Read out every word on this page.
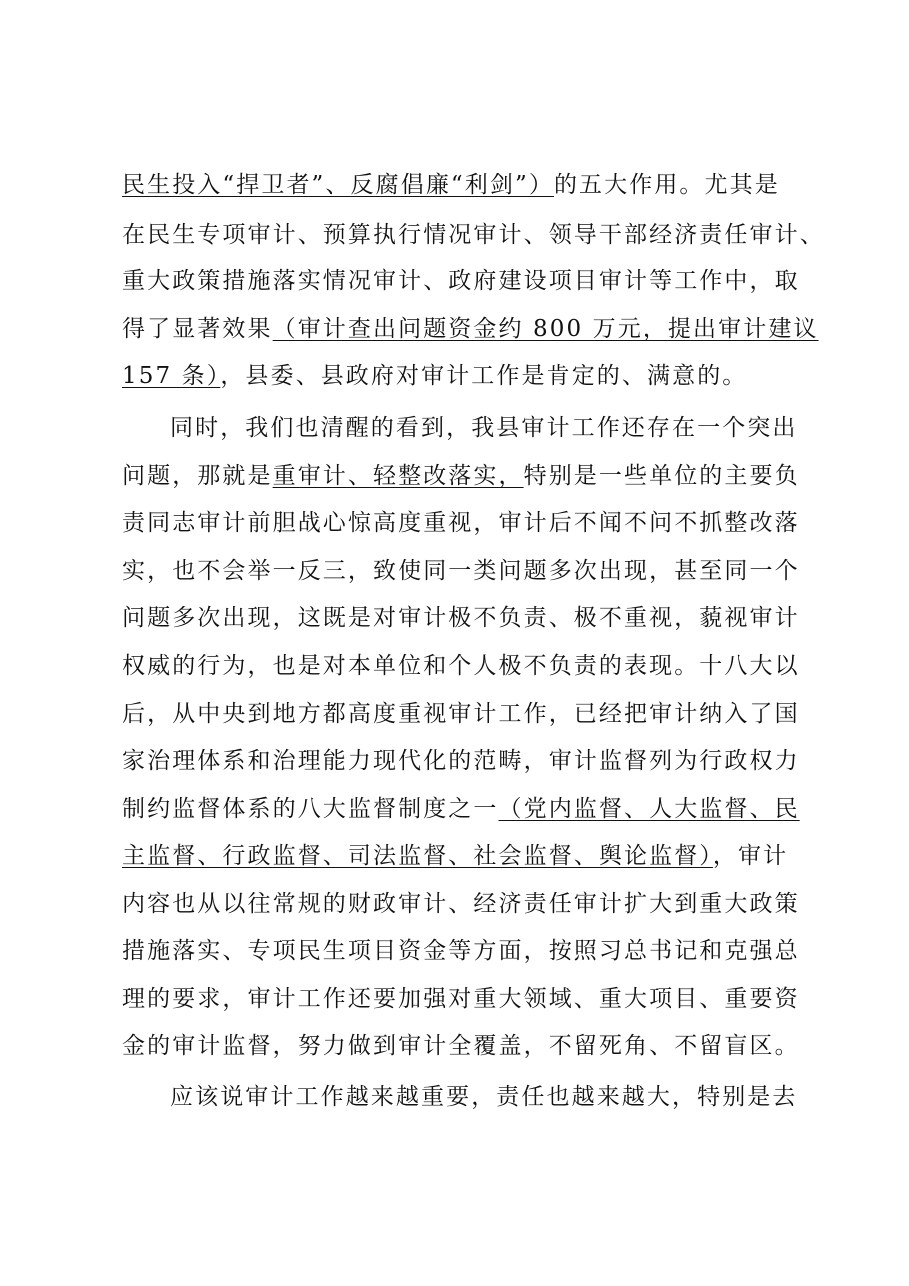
民生投入“捍卫者”、反腐倡廉“利剑”）的五大作用。尤其是
在民生专项审计、预算执行情况审计、领导干部经济责任审计、
重大政策措施落实情况审计、政府建设项目审计等工作中，取
得了显著效果（审计查出问题资金约 800 万元，提出审计建议
157 条），县委、县政府对审计工作是肯定的、满意的。
同时，我们也清醒的看到，我县审计工作还存在一个突出
问题，那就是重审计、轻整改落实，特别是一些单位的主要负
责同志审计前胆战心惊高度重视，审计后不闻不问不抓整改落
实，也不会举一反三，致使同一类问题多次出现，甚至同一个
问题多次出现，这既是对审计极不负责、极不重视，藐视审计
权威的行为，也是对本单位和个人极不负责的表现。十八大以
后，从中央到地方都高度重视审计工作，已经把审计纳入了国
家治理体系和治理能力现代化的范畴，审计监督列为行政权力
制约监督体系的八大监督制度之一（党内监督、人大监督、民
主监督、行政监督、司法监督、社会监督、舆论监督），审计
内容也从以往常规的财政审计、经济责任审计扩大到重大政策
措施落实、专项民生项目资金等方面，按照习总书记和克强总
理的要求，审计工作还要加强对重大领域、重大项目、重要资
金的审计监督，努力做到审计全覆盖，不留死角、不留盲区。
应该说审计工作越来越重要，责任也越来越大，特别是去
